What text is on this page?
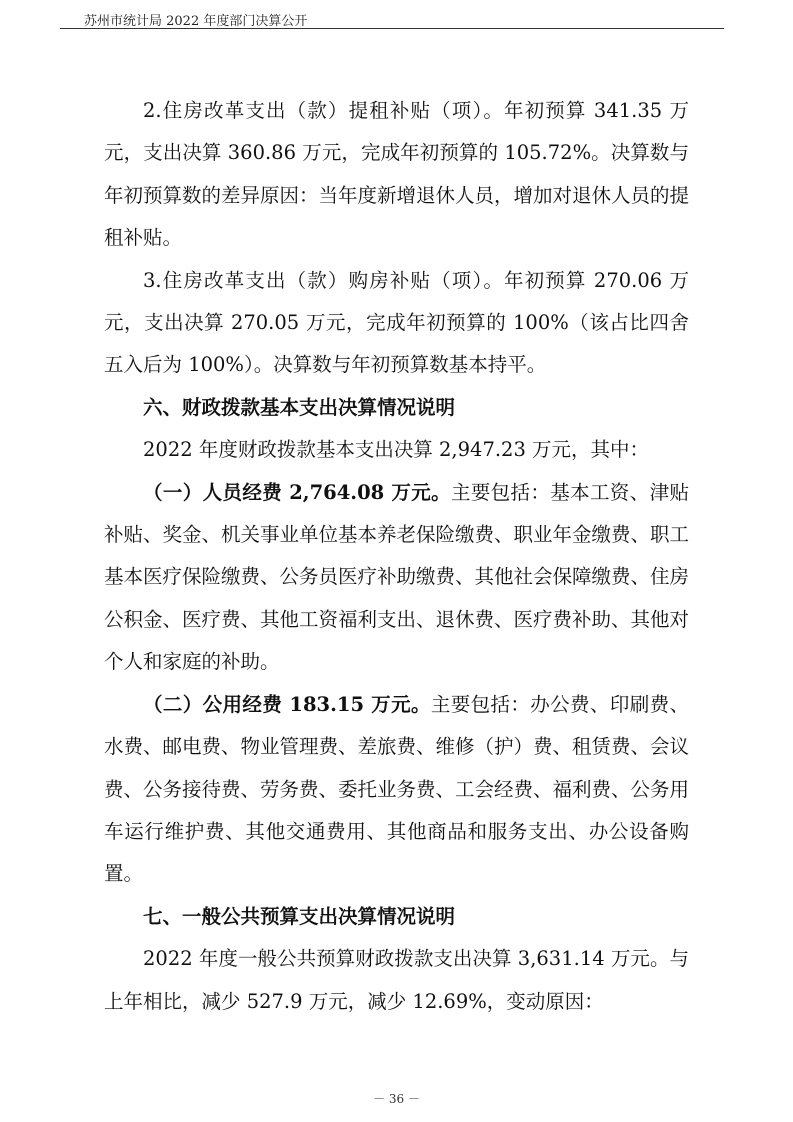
苏州市统计局 2022 年度部门决算公开

2.住房改革支出（款）提租补贴（项）。年初预算 341.35 万元，支出决算 360.86 万元，完成年初预算的 105.72%。决算数与年初预算数的差异原因：当年度新增退休人员，增加对退休人员的提租补贴。

3.住房改革支出（款）购房补贴（项）。年初预算 270.06 万元，支出决算 270.05 万元，完成年初预算的 100%（该占比四舍五入后为 100%）。决算数与年初预算数基本持平。

六、财政拨款基本支出决算情况说明

2022 年度财政拨款基本支出决算 2,947.23 万元，其中：

（一）人员经费 2,764.08 万元。主要包括：基本工资、津贴补贴、奖金、机关事业单位基本养老保险缴费、职业年金缴费、职工基本医疗保险缴费、公务员医疗补助缴费、其他社会保障缴费、住房公积金、医疗费、其他工资福利支出、退休费、医疗费补助、其他对个人和家庭的补助。

（二）公用经费 183.15 万元。主要包括：办公费、印刷费、水费、邮电费、物业管理费、差旅费、维修（护）费、租赁费、会议费、公务接待费、劳务费、委托业务费、工会经费、福利费、公务用车运行维护费、其他交通费用、其他商品和服务支出、办公设备购置。

七、一般公共预算支出决算情况说明

2022 年度一般公共预算财政拨款支出决算 3,631.14 万元。与上年相比，减少 527.9 万元，减少 12.69%，变动原因：

－ 36 －
